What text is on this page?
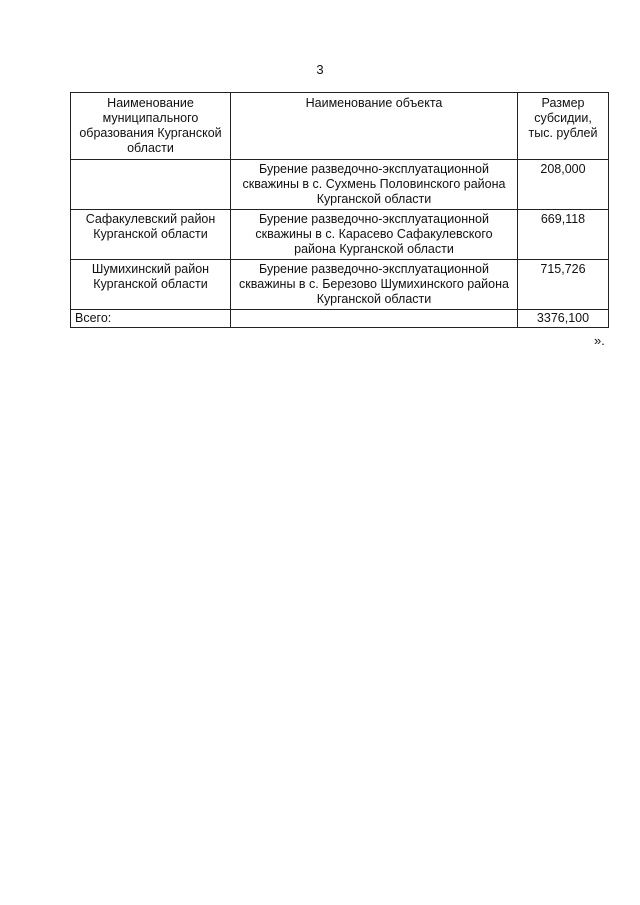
3
Наименование муниципального образования Курганской области	Наименование объекта	Размер субсидии, тыс. рублей
	Бурение разведочно-эксплуатационной скважины в с. Сухмень Половинского района Курганской области	208,000
Сафакулевский район Курганской области	Бурение разведочно-эксплуатационной скважины в с. Карасево Сафакулевского района Курганской области	669,118
Шумихинский район Курганской области	Бурение разведочно-эксплуатационной скважины в с. Березово Шумихинского района Курганской области	715,726
Всего:		3376,100
».
